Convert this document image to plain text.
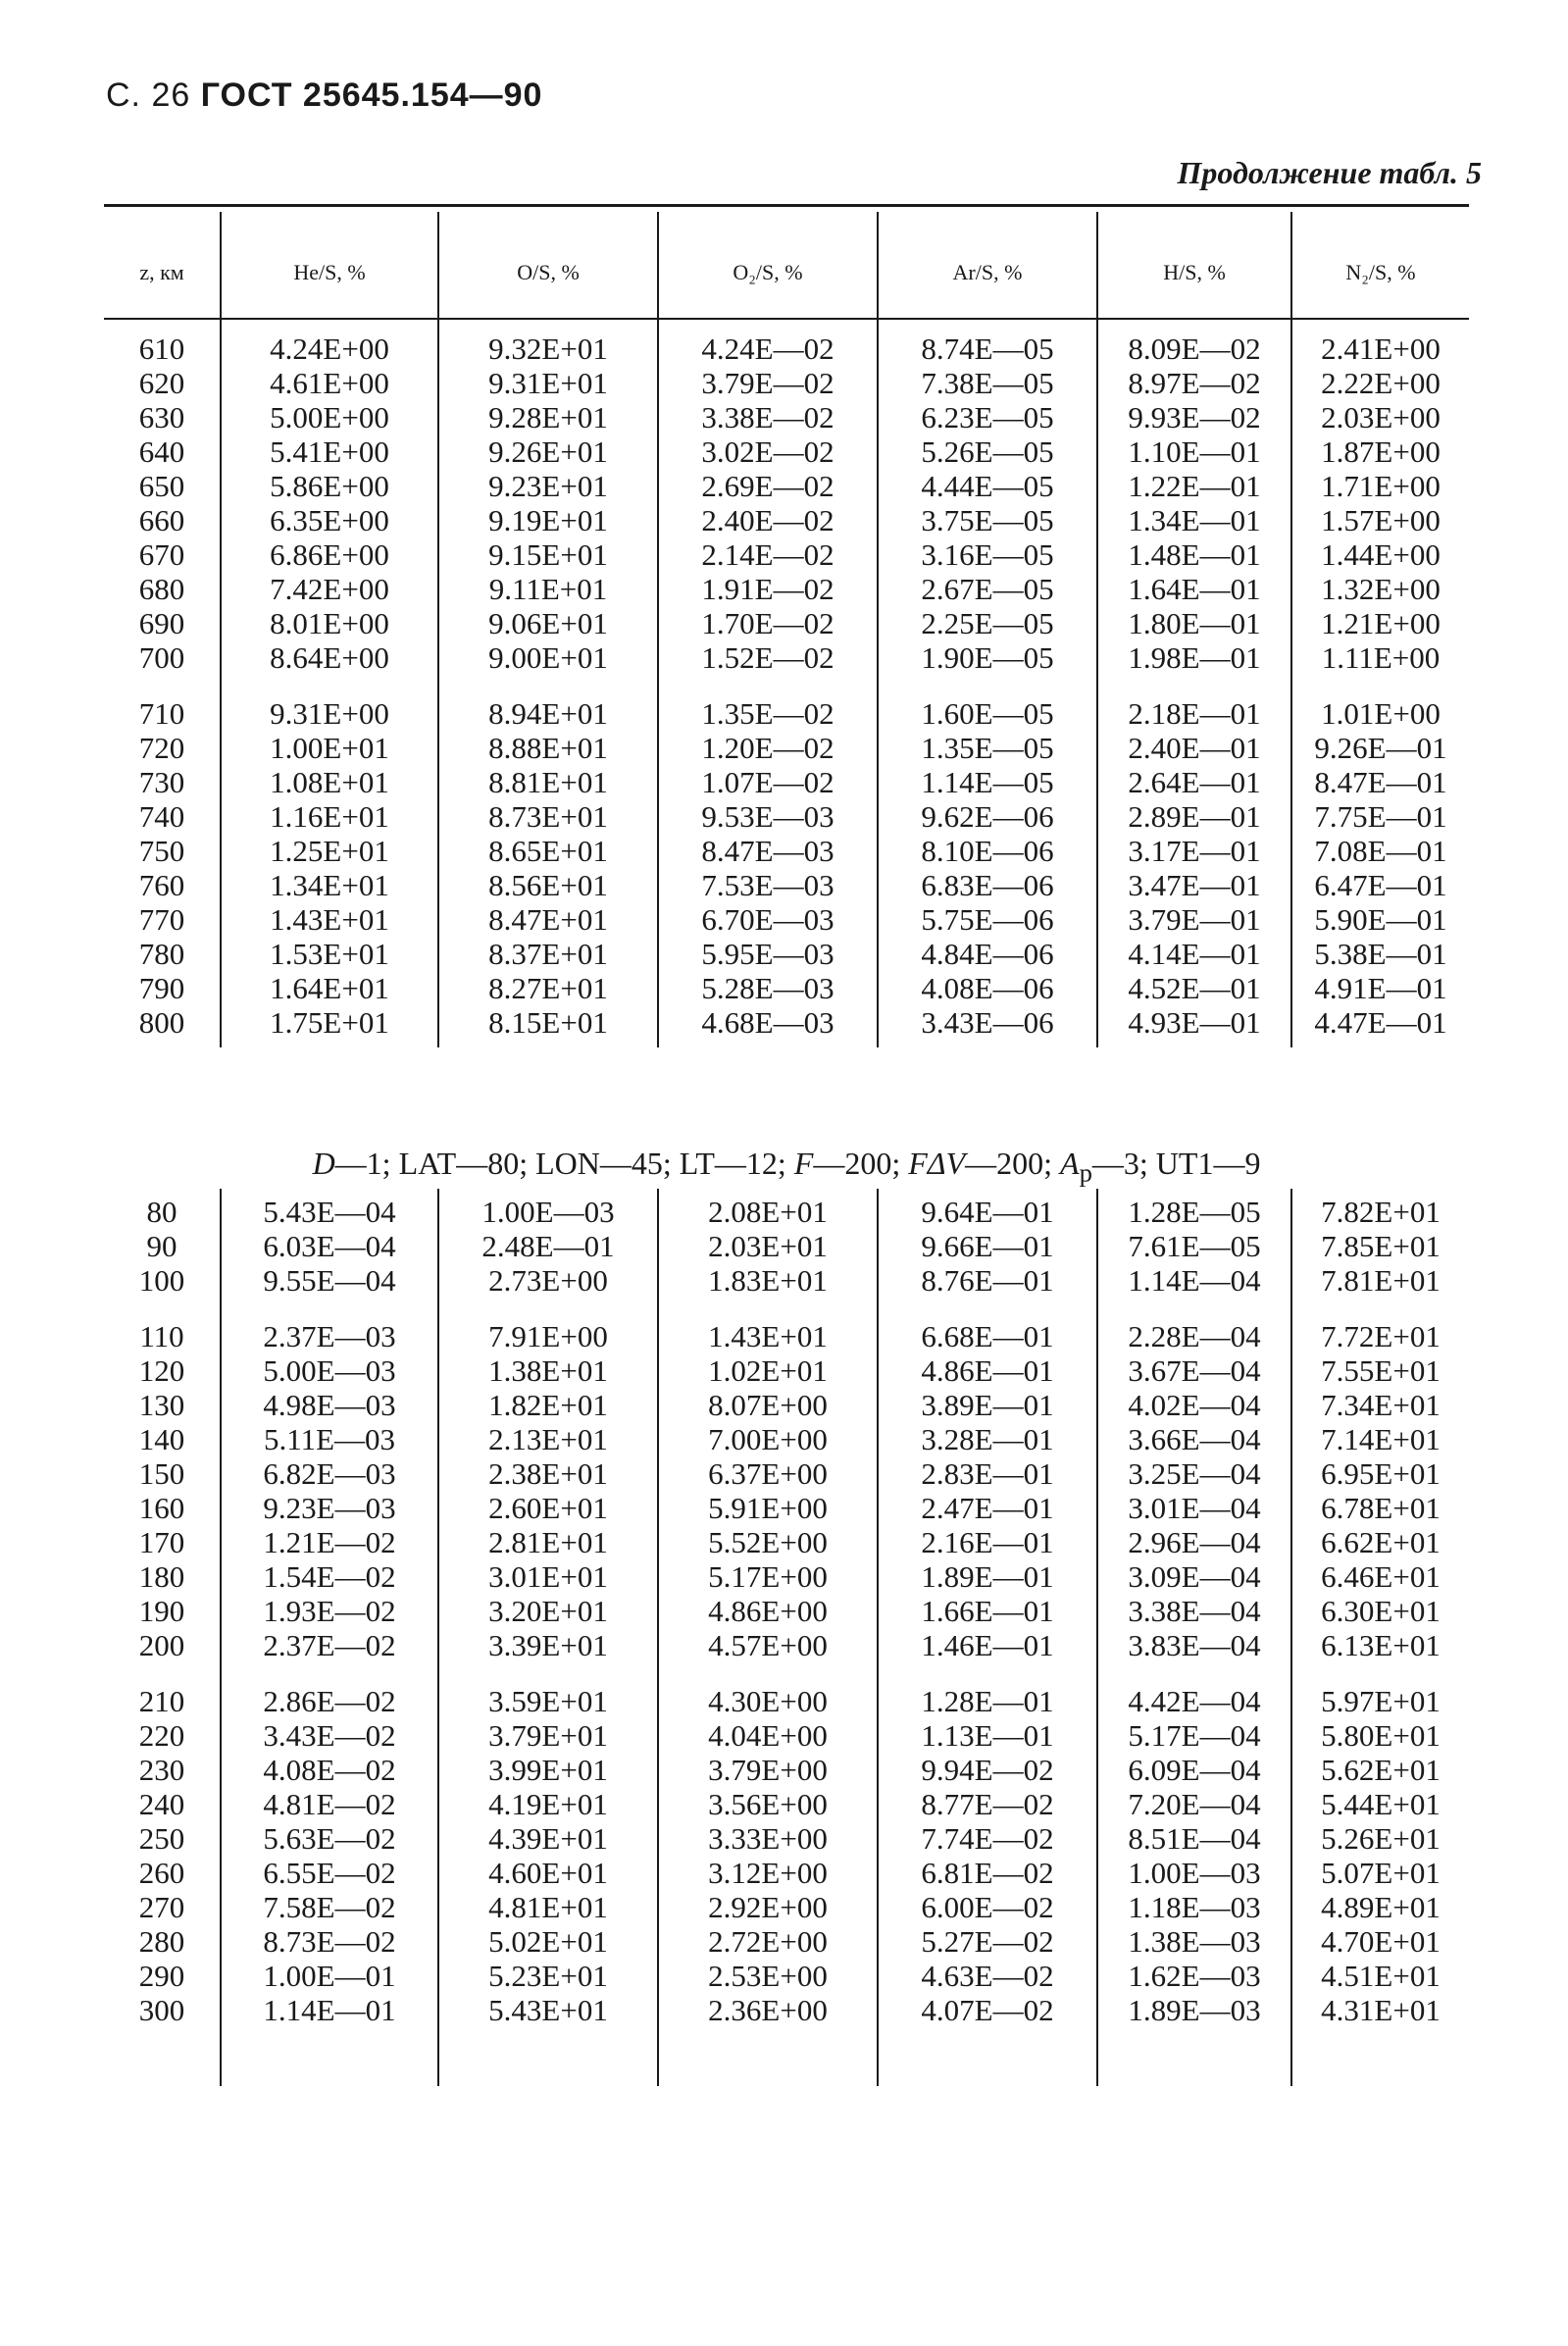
С. 26 ГОСТ 25645.154—90
Продолжение табл. 5
z, км	He/S, %	O/S, %	O₂/S, %	Ar/S, %	H/S, %	N₂/S, %
D—1; LAT—80; LON—45; LT—12; F—200; FΔV—200; $A_p—3$; UT1—9
610	4.24E+00	9.32E+01	4.24E—02	8.74E—05	8.09E—02	2.41E+00
620	4.61E+00	9.31E+01	3.79E—02	7.38E—05	8.97E—02	2.22E+00
630	5.00E+00	9.28E+01	3.38E—02	6.23E—05	9.93E—02	2.03E+00
640	5.41E+00	9.26E+01	3.02E—02	5.26E—05	1.10E—01	1.87E+00
650	5.86E+00	9.23E+01	2.69E—02	4.44E—05	1.22E—01	1.71E+00
660	6.35E+00	9.19E+01	2.40E—02	3.75E—05	1.34E—01	1.57E+00
670	6.86E+00	9.15E+01	2.14E—02	3.16E—05	1.48E—01	1.44E+00
680	7.42E+00	9.11E+01	1.91E—02	2.67E—05	1.64E—01	1.32E+00
690	8.01E+00	9.06E+01	1.70E—02	2.25E—05	1.80E—01	1.21E+00
700	8.64E+00	9.00E+01	1.52E—02	1.90E—05	1.98E—01	1.11E+00
710	9.31E+00	8.94E+01	1.35E—02	1.60E—05	2.18E—01	1.01E+00
720	1.00E+01	8.88E+01	1.20E—02	1.35E—05	2.40E—01	9.26E—01
730	1.08E+01	8.81E+01	1.07E—02	1.14E—05	2.64E—01	8.47E—01
740	1.16E+01	8.73E+01	9.53E—03	9.62E—06	2.89E—01	7.75E—01
750	1.25E+01	8.65E+01	8.47E—03	8.10E—06	3.17E—01	7.08E—01
760	1.34E+01	8.56E+01	7.53E—03	6.83E—06	3.47E—01	6.47E—01
770	1.43E+01	8.47E+01	6.70E—03	5.75E—06	3.79E—01	5.90E—01
780	1.53E+01	8.37E+01	5.95E—03	4.84E—06	4.14E—01	5.38E—01
790	1.64E+01	8.27E+01	5.28E—03	4.08E—06	4.52E—01	4.91E—01
800	1.75E+01	8.15E+01	4.68E—03	3.43E—06	4.93E—01	4.47E—01
80	5.43E—04	1.00E—03	2.08E+01	9.64E—01	1.28E—05	7.82E+01
90	6.03E—04	2.48E—01	2.03E+01	9.66E—01	7.61E—05	7.85E+01
100	9.55E—04	2.73E+00	1.83E+01	8.76E—01	1.14E—04	7.81E+01
110	2.37E—03	7.91E+00	1.43E+01	6.68E—01	2.28E—04	7.72E+01
120	5.00E—03	1.38E+01	1.02E+01	4.86E—01	3.67E—04	7.55E+01
130	4.98E—03	1.82E+01	8.07E+00	3.89E—01	4.02E—04	7.34E+01
140	5.11E—03	2.13E+01	7.00E+00	3.28E—01	3.66E—04	7.14E+01
150	6.82E—03	2.38E+01	6.37E+00	2.83E—01	3.25E—04	6.95E+01
160	9.23E—03	2.60E+01	5.91E+00	2.47E—01	3.01E—04	6.78E+01
170	1.21E—02	2.81E+01	5.52E+00	2.16E—01	2.96E—04	6.62E+01
180	1.54E—02	3.01E+01	5.17E+00	1.89E—01	3.09E—04	6.46E+01
190	1.93E—02	3.20E+01	4.86E+00	1.66E—01	3.38E—04	6.30E+01
200	2.37E—02	3.39E+01	4.57E+00	1.46E—01	3.83E—04	6.13E+01
210	2.86E—02	3.59E+01	4.30E+00	1.28E—01	4.42E—04	5.97E+01
220	3.43E—02	3.79E+01	4.04E+00	1.13E—01	5.17E—04	5.80E+01
230	4.08E—02	3.99E+01	3.79E+00	9.94E—02	6.09E—04	5.62E+01
240	4.81E—02	4.19E+01	3.56E+00	8.77E—02	7.20E—04	5.44E+01
250	5.63E—02	4.39E+01	3.33E+00	7.74E—02	8.51E—04	5.26E+01
260	6.55E—02	4.60E+01	3.12E+00	6.81E—02	1.00E—03	5.07E+01
270	7.58E—02	4.81E+01	2.92E+00	6.00E—02	1.18E—03	4.89E+01
280	8.73E—02	5.02E+01	2.72E+00	5.27E—02	1.38E—03	4.70E+01
290	1.00E—01	5.23E+01	2.53E+00	4.63E—02	1.62E—03	4.51E+01
300	1.14E—01	5.43E+01	2.36E+00	4.07E—02	1.89E—03	4.31E+01
